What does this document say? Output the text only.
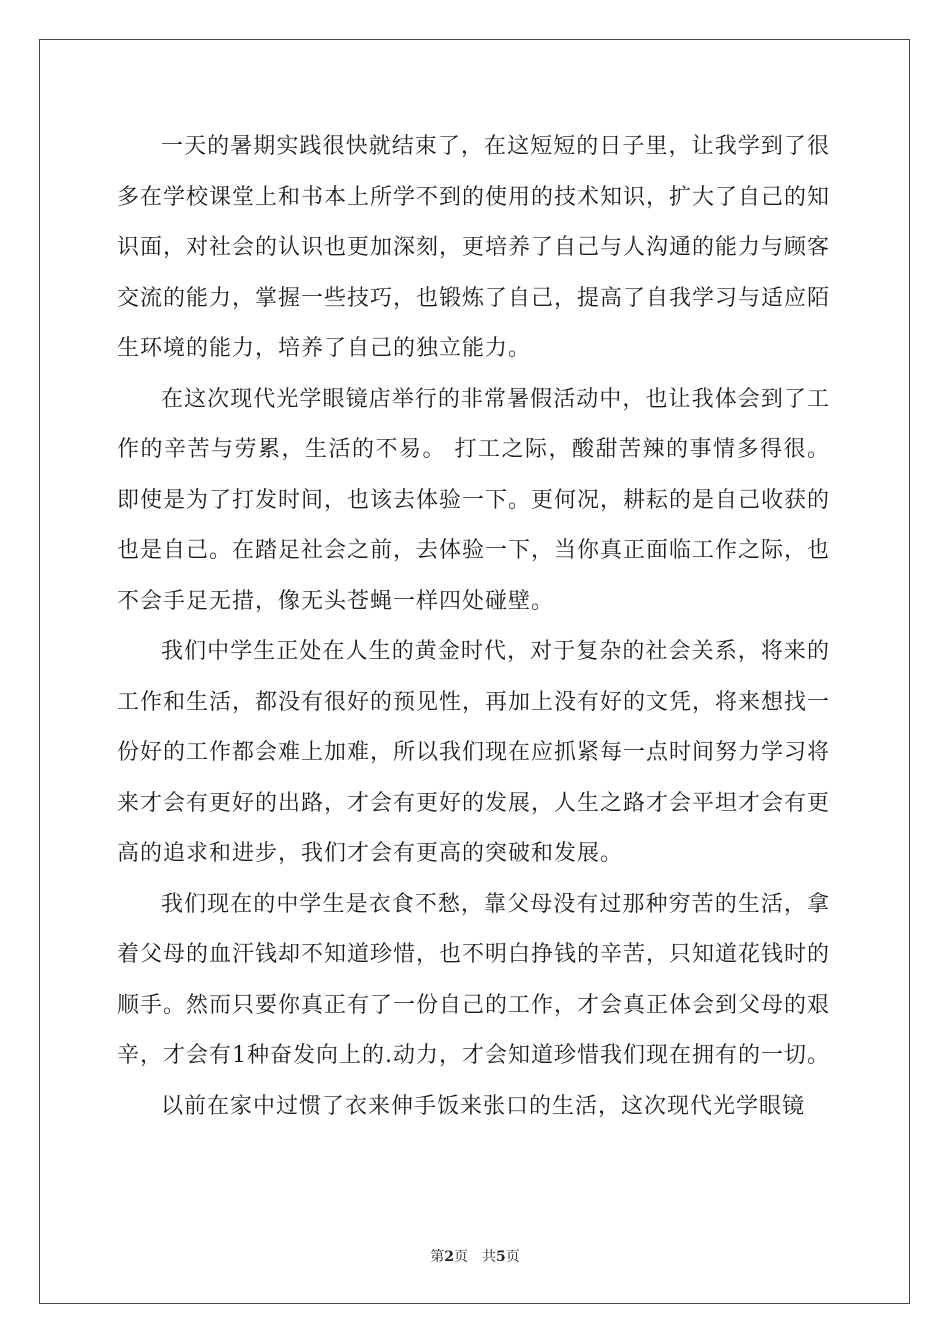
一天的暑期实践很快就结束了，在这短短的日子里，让我学到了很多在学校课堂上和书本上所学不到的使用的技术知识，扩大了自己的知识面，对社会的认识也更加深刻，更培养了自己与人沟通的能力与顾客交流的能力，掌握一些技巧，也锻炼了自己，提高了自我学习与适应陌生环境的能力，培养了自己的独立能力。

在这次现代光学眼镜店举行的非常暑假活动中，也让我体会到了工作的辛苦与劳累，生活的不易。 打工之际，酸甜苦辣的事情多得很。即使是为了打发时间，也该去体验一下。更何况，耕耘的是自己收获的也是自己。在踏足社会之前，去体验一下，当你真正面临工作之际，也不会手足无措，像无头苍蝇一样四处碰壁。

我们中学生正处在人生的黄金时代，对于复杂的社会关系，将来的工作和生活，都没有很好的预见性，再加上没有好的文凭，将来想找一份好的工作都会难上加难，所以我们现在应抓紧每一点时间努力学习将来才会有更好的出路，才会有更好的发展，人生之路才会平坦才会有更高的追求和进步，我们才会有更高的突破和发展。

我们现在的中学生是衣食不愁，靠父母没有过那种穷苦的生活，拿着父母的血汗钱却不知道珍惜，也不明白挣钱的辛苦，只知道花钱时的顺手。然而只要你真正有了一份自己的工作，才会真正体会到父母的艰辛，才会有1种奋发向上的.动力，才会知道珍惜我们现在拥有的一切。

以前在家中过惯了衣来伸手饭来张口的生活，这次现代光学眼镜

第2页 共5页
